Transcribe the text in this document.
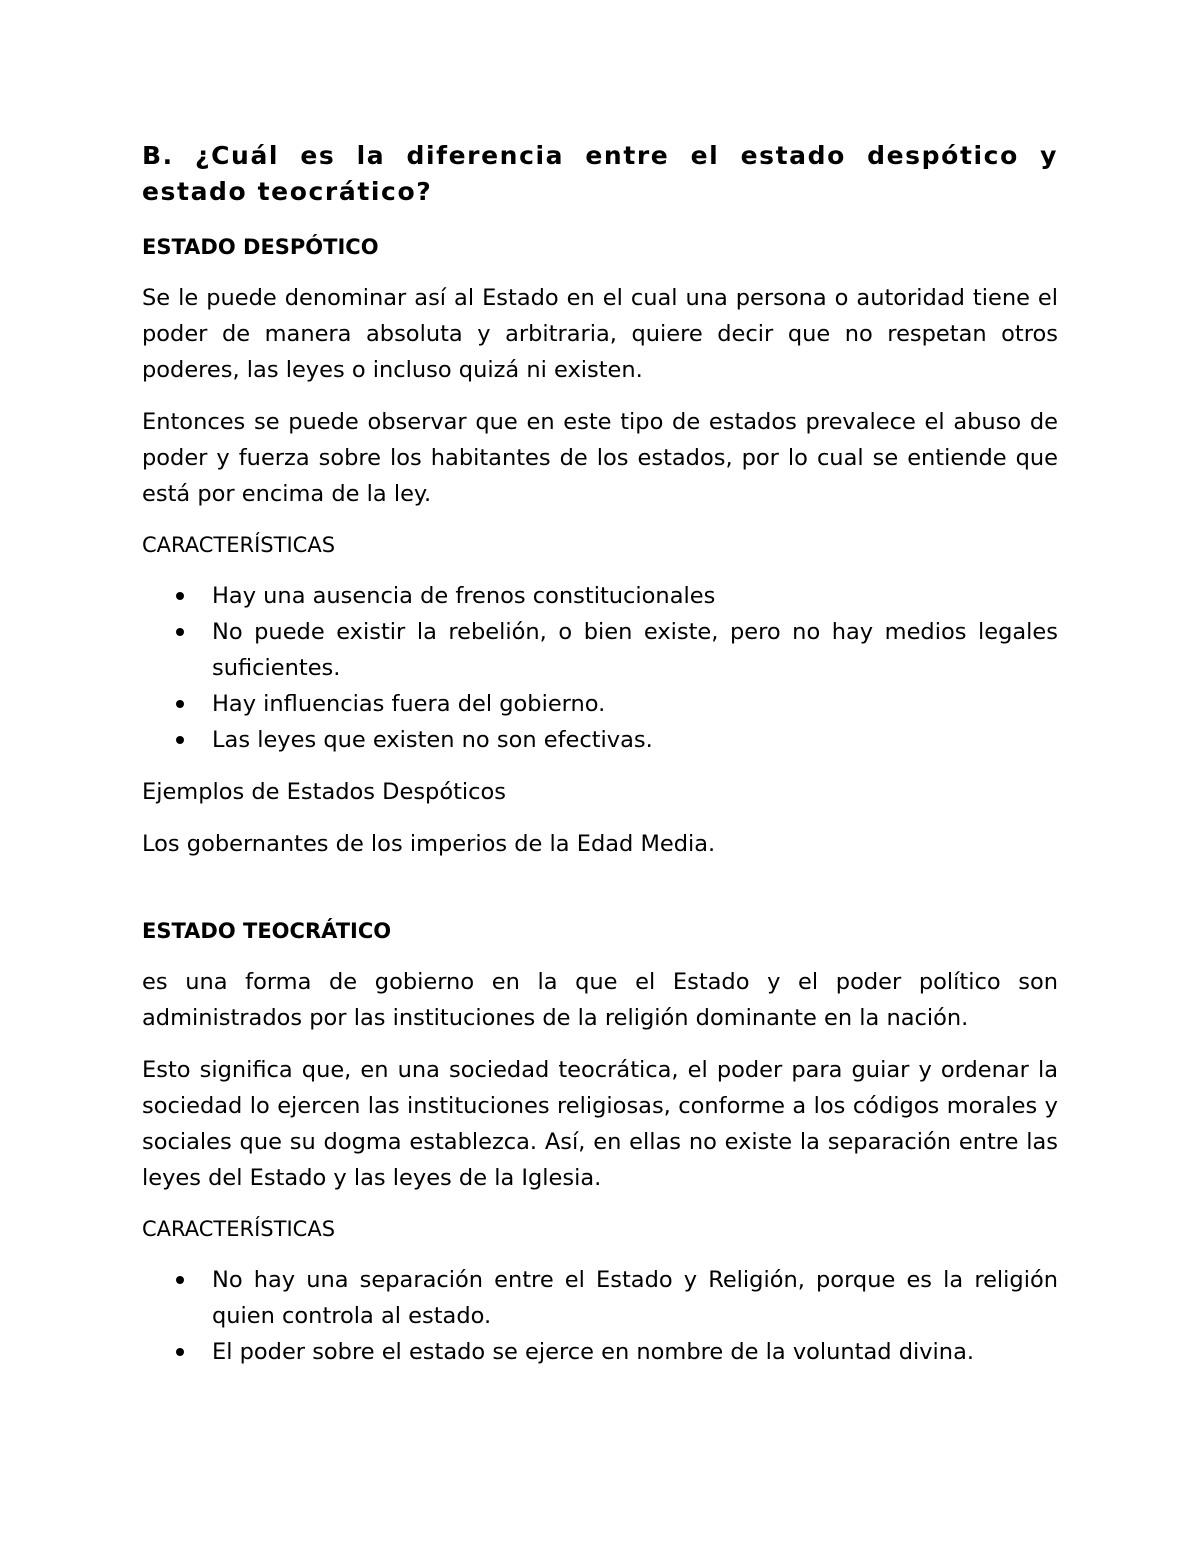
B. ¿Cuál es la diferencia entre el estado despótico y estado teocrático?
ESTADO DESPÓTICO

Se le puede denominar así al Estado en el cual una persona o autoridad tiene el poder de manera absoluta y arbitraria, quiere decir que no respetan otros poderes, las leyes o incluso quizá ni existen.

Entonces se puede observar que en este tipo de estados prevalece el abuso de poder y fuerza sobre los habitantes de los estados, por lo cual se entiende que está por encima de la ley.

CARACTERÍSTICAS
Hay una ausencia de frenos constitucionales
No puede existir la rebelión, o bien existe, pero no hay medios legales suficientes.
Hay influencias fuera del gobierno.
Las leyes que existen no son efectivas.

Ejemplos de Estados Despóticos

Los gobernantes de los imperios de la Edad Media.

ESTADO TEOCRÁTICO

es una forma de gobierno en la que el Estado y el poder político son administrados por las instituciones de la religión dominante en la nación.

Esto significa que, en una sociedad teocrática, el poder para guiar y ordenar la sociedad lo ejercen las instituciones religiosas, conforme a los códigos morales y sociales que su dogma establezca. Así, en ellas no existe la separación entre las leyes del Estado y las leyes de la Iglesia.

CARACTERÍSTICAS
No hay una separación entre el Estado y Religión, porque es la religión quien controla al estado.
El poder sobre el estado se ejerce en nombre de la voluntad divina.
